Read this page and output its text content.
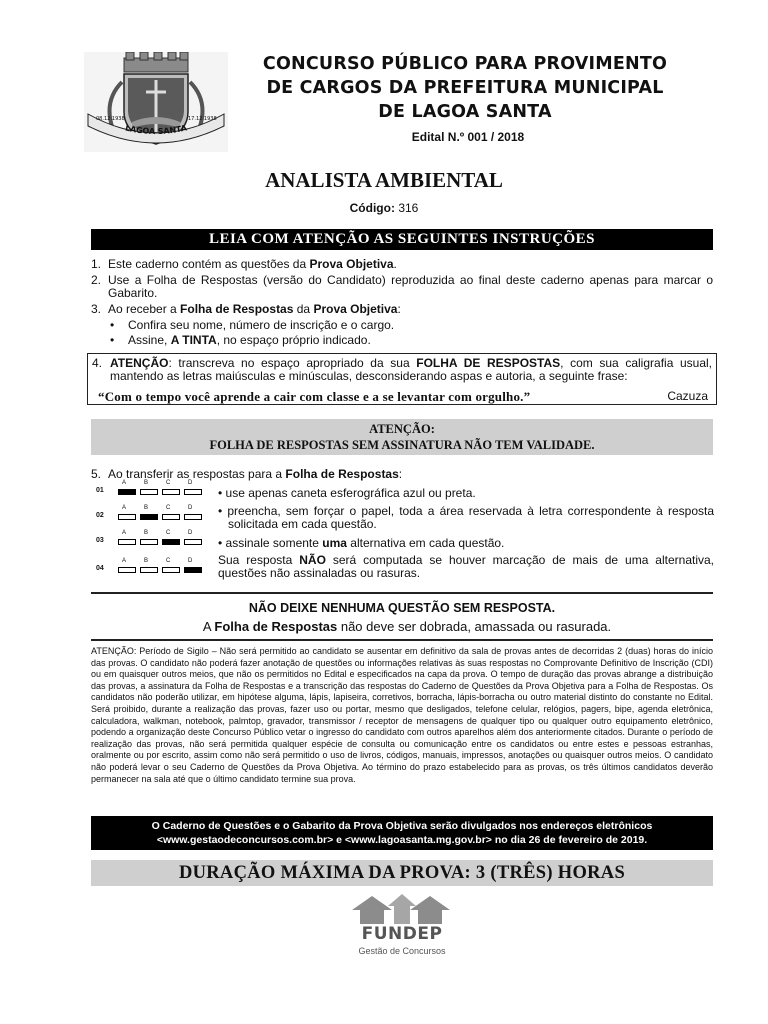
LAGOA SANTA
08.12.1938	17.12.1938
CONCURSO PÚBLICO PARA PROVIMENTO
DE CARGOS DA PREFEITURA MUNICIPAL
DE LAGOA SANTA
Edital N.º 001 / 2018
ANALISTA AMBIENTAL
Código: 316
LEIA COM ATENÇÃO AS SEGUINTES INSTRUÇÕES
1. Este caderno contém as questões da Prova Objetiva.
2. Use a Folha de Respostas (versão do Candidato) reproduzida ao final deste caderno apenas para marcar o Gabarito.
3. Ao receber a Folha de Respostas da Prova Objetiva:
• Confira seu nome, número de inscrição e o cargo.
• Assine, A TINTA, no espaço próprio indicado.
4. ATENÇÃO: transcreva no espaço apropriado da sua FOLHA DE RESPOSTAS, com sua caligrafia usual, mantendo as letras maiúsculas e minúsculas, desconsiderando aspas e autoria, a seguinte frase:
“Com o tempo você aprende a cair com classe e a se levantar com orgulho.”	Cazuza
ATENÇÃO:
FOLHA DE RESPOSTAS SEM ASSINATURA NÃO TEM VALIDADE.
5. Ao transferir as respostas para a Folha de Respostas:
01
A	B	C	D
02
A	B	C	D
03
A	B	C	D
04
A	B	C	D
• use apenas caneta esferográfica azul ou preta.
• preencha, sem forçar o papel, toda a área reservada à letra correspondente à resposta solicitada em cada questão.
• assinale somente uma alternativa em cada questão.
Sua resposta NÃO será computada se houver marcação de mais de uma alternativa, questões não assinaladas ou rasuras.
NÃO DEIXE NENHUMA QUESTÃO SEM RESPOSTA.
A Folha de Respostas não deve ser dobrada, amassada ou rasurada.
ATENÇÃO: Período de Sigilo – Não será permitido ao candidato se ausentar em definitivo da sala de provas antes de decorridas 2 (duas) horas do início das provas. O candidato não poderá fazer anotação de questões ou informações relativas às suas respostas no Comprovante Definitivo de Inscrição (CDI) ou em quaisquer outros meios, que não os permitidos no Edital e especificados na capa da prova. O tempo de duração das provas abrange a distribuição das provas, a assinatura da Folha de Respostas e a transcrição das respostas do Caderno de Questões da Prova Objetiva para a Folha de Respostas. Os candidatos não poderão utilizar, em hipótese alguma, lápis, lapiseira, corretivos, borracha, lápis-borracha ou outro material distinto do constante no Edital. Será proibido, durante a realização das provas, fazer uso ou portar, mesmo que desligados, telefone celular, relógios, pagers, bipe, agenda eletrônica, calculadora, walkman, notebook, palmtop, gravador, transmissor / receptor de mensagens de qualquer tipo ou qualquer outro equipamento eletrônico, podendo a organização deste Concurso Público vetar o ingresso do candidato com outros aparelhos além dos anteriormente citados. Durante o período de realização das provas, não será permitida qualquer espécie de consulta ou comunicação entre os candidatos ou entre estes e pessoas estranhas, oralmente ou por escrito, assim como não será permitido o uso de livros, códigos, manuais, impressos, anotações ou quaisquer outros meios. O candidato não poderá levar o seu Caderno de Questões da Prova Objetiva. Ao término do prazo estabelecido para as provas, os três últimos candidatos deverão permanecer na sala até que o último candidato termine sua prova.
O Caderno de Questões e o Gabarito da Prova Objetiva serão divulgados nos endereços eletrônicos
<www.gestaodeconcursos.com.br> e <www.lagoasanta.mg.gov.br> no dia 26 de fevereiro de 2019.
DURAÇÃO MÁXIMA DA PROVA: 3 (TRÊS) HORAS
FUNDEP
Gestão de Concursos
